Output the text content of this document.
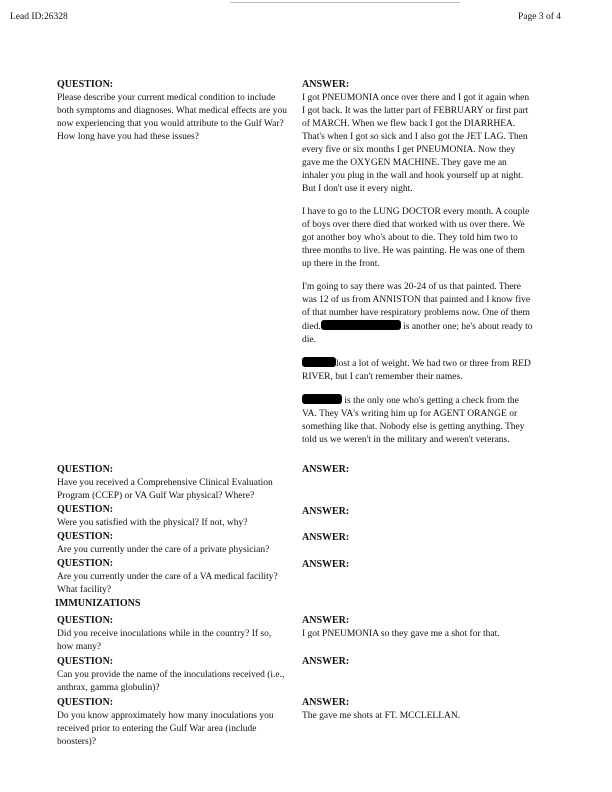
Lead ID:26328	Page 3 of 4
QUESTION:
Please describe your current medical condition to include both symptoms and diagnoses. What medical effects are you now experiencing that you would attribute to the Gulf War? How long have you had these issues?
ANSWER:

I got PNEUMONIA once over there and I got it again when I got back. It was the latter part of FEBRUARY or first part of MARCH. When we flew back I got the DIARRHEA. That's when I got so sick and I also got the JET LAG. Then every five or six months I get PNEUMONIA. Now they gave me the OXYGEN MACHINE. They gave me an inhaler you plug in the wall and hook yourself up at night. But I don't use it every night.

I have to go to the LUNG DOCTOR every month. A couple of boys over there died that worked with us over there. We got another boy who's about to die. They told him two to three months to live. He was painting. He was one of them up there in the front.

I'm going to say there was 20-24 of us that painted. There was 12 of us from ANNISTON that painted and I know five of that number have respiratory problems now. One of them died.	is another one; he's about ready to die.

lost a lot of weight. We had two or three from RED RIVER, but I can't remember their names.

is the only one who's getting a check from the VA. They VA's writing him up for AGENT ORANGE or something like that. Nobody else is getting anything. They told us we weren't in the military and weren't veterans.

QUESTION:
Have you received a Comprehensive Clinical Evaluation Program (CCEP) or VA Gulf War physical? Where?
ANSWER:
QUESTION:
Were you satisfied with the physical? If not, why?
ANSWER:
QUESTION:
Are you currently under the care of a private physician?
ANSWER:
QUESTION:
Are you currently under the care of a VA medical facility? What facility?
ANSWER:
IMMUNIZATIONS
QUESTION:
Did you receive inoculations while in the country? If so, how many?
ANSWER:
I got PNEUMONIA so they gave me a shot for that.
QUESTION:
Can you provide the name of the inoculations received (i.e., anthrax, gamma globulin)?
ANSWER:
QUESTION:
Do you know approximately how many inoculations you received prior to entering the Gulf War area (include boosters)?
ANSWER:
The gave me shots at FT. MCCLELLAN.
